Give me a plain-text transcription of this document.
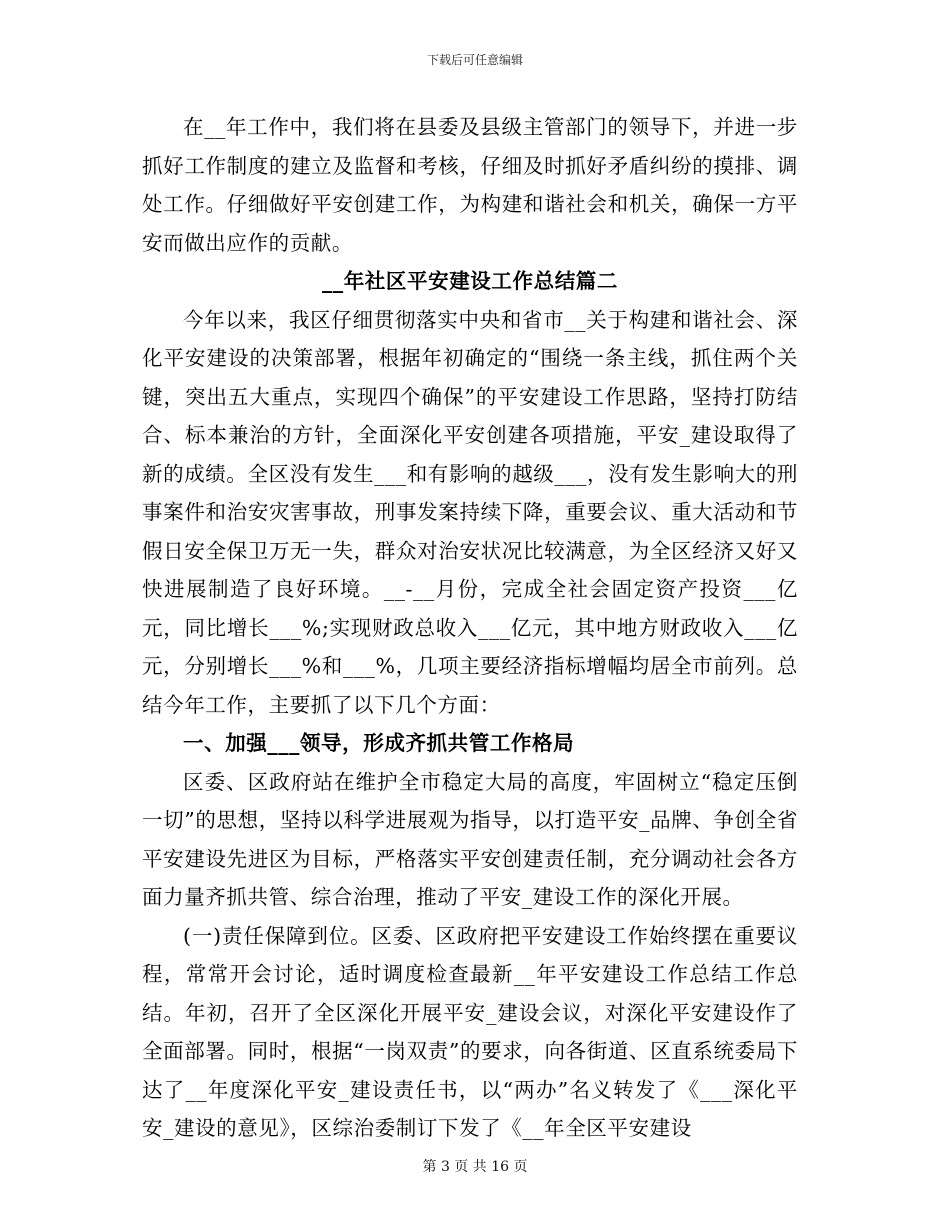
下载后可任意编辑

在__年工作中，我们将在县委及县级主管部门的领导下，并进一步抓好工作制度的建立及监督和考核，仔细及时抓好矛盾纠纷的摸排、调处工作。仔细做好平安创建工作，为构建和谐社会和机关，确保一方平安而做出应作的贡献。

__年社区平安建设工作总结篇二

今年以来，我区仔细贯彻落实中央和省市__关于构建和谐社会、深化平安建设的决策部署，根据年初确定的“围绕一条主线，抓住两个关键，突出五大重点，实现四个确保”的平安建设工作思路，坚持打防结合、标本兼治的方针，全面深化平安创建各项措施，平安_建设取得了新的成绩。全区没有发生___和有影响的越级___，没有发生影响大的刑事案件和治安灾害事故，刑事发案持续下降，重要会议、重大活动和节假日安全保卫万无一失，群众对治安状况比较满意，为全区经济又好又快进展制造了良好环境。__-__月份，完成全社会固定资产投资___亿元，同比增长___%;实现财政总收入___亿元，其中地方财政收入___亿元，分别增长___%和___%，几项主要经济指标增幅均居全市前列。总结今年工作，主要抓了以下几个方面：

一、加强___领导，形成齐抓共管工作格局

区委、区政府站在维护全市稳定大局的高度，牢固树立“稳定压倒一切”的思想，坚持以科学进展观为指导，以打造平安_品牌、争创全省平安建设先进区为目标，严格落实平安创建责任制，充分调动社会各方面力量齐抓共管、综合治理，推动了平安_建设工作的深化开展。

(一)责任保障到位。区委、区政府把平安建设工作始终摆在重要议程，常常开会讨论，适时调度检查最新__年平安建设工作总结工作总结。年初，召开了全区深化开展平安_建设会议，对深化平安建设作了全面部署。同时，根据“一岗双责”的要求，向各街道、区直系统委局下达了__年度深化平安_建设责任书，以“两办”名义转发了《___深化平安_建设的意见》，区综治委制订下发了《__年全区平安建设

第 3 页 共 16 页
